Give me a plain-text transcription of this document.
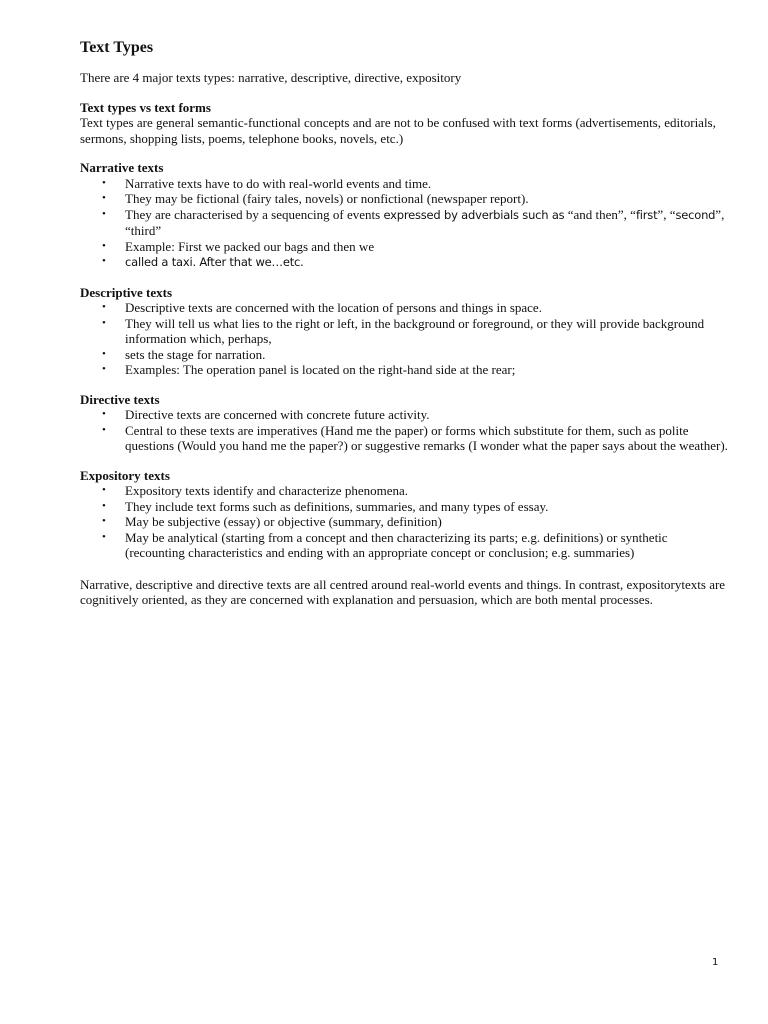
Text Types

There are 4 major texts types: narrative, descriptive, directive, expository

Text types vs text forms

Text types are general semantic-functional concepts and are not to be confused with text forms (advertisements, editorials, sermons, shopping lists, poems, telephone books, novels, etc.)

Narrative texts

• Narrative texts have to do with real-world events and time.
• They may be fictional (fairy tales, novels) or nonfictional (newspaper report).
• They are characterised by a sequencing of events expressed by adverbials such as “and then”, “first”, “second”, “third”
• Example: First we packed our bags and then we
• called a taxi. After that we…etc.

Descriptive texts

• Descriptive texts are concerned with the location of persons and things in space.
• They will tell us what lies to the right or left, in the background or foreground, or they will provide background information which, perhaps,
• sets the stage for narration.
• Examples: The operation panel is located on the right-hand side at the rear;

Directive texts

• Directive texts are concerned with concrete future activity.
• Central to these texts are imperatives (Hand me the paper) or forms which substitute for them, such as polite questions (Would you hand me the paper?) or suggestive remarks (I wonder what the paper says about the weather).

Expository texts

• Expository texts identify and characterize phenomena.
• They include text forms such as definitions, summaries, and many types of essay.
• May be subjective (essay) or objective (summary, definition)
• May be analytical (starting from a concept and then characterizing its parts; e.g. definitions) or synthetic (recounting characteristics and ending with an appropriate concept or conclusion; e.g. summaries)

Narrative, descriptive and directive texts are all centred around real-world events and things. In contrast, expositorytexts are cognitively oriented, as they are concerned with explanation and persuasion, which are both mental processes.

1
